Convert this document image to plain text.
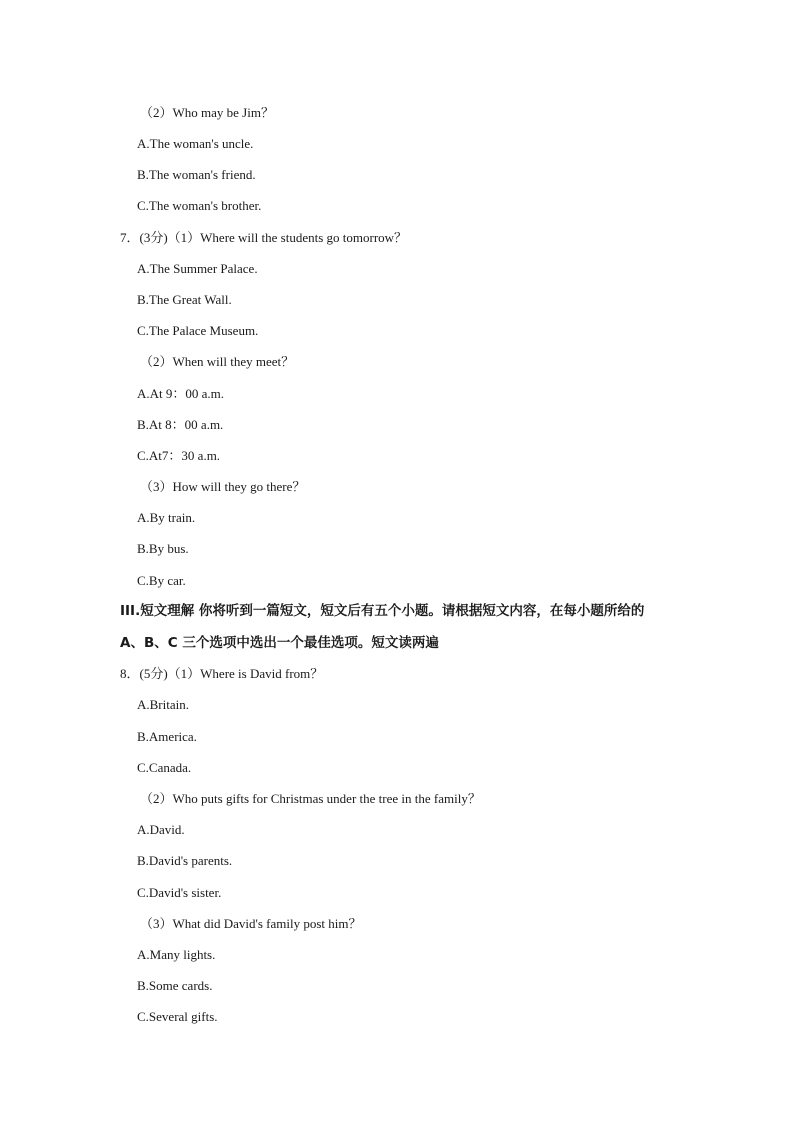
（2）Who may be Jim？
A.The woman's uncle.
B.The woman's friend.
C.The woman's brother.
7．(3分)（1）Where will the students go tomorrow？
A.The Summer Palace.
B.The Great Wall.
C.The Palace Museum.
（2）When will they meet？
A.At 9：00 a.m.
B.At 8：00 a.m.
C.At7：30 a.m.
（3）How will they go there？
A.By train.
B.By bus.
C.By car.
III.短文理解 你将听到一篇短文，短文后有五个小题。请根据短文内容，在每小题所给的
A、B、C 三个选项中选出一个最佳选项。短文读两遍
8．(5分)（1）Where is David from？
A.Britain.
B.America.
C.Canada.
（2）Who puts gifts for Christmas under the tree in the family？
A.David.
B.David's parents.
C.David's sister.
（3）What did David's family post him？
A.Many lights.
B.Some cards.
C.Several gifts.
